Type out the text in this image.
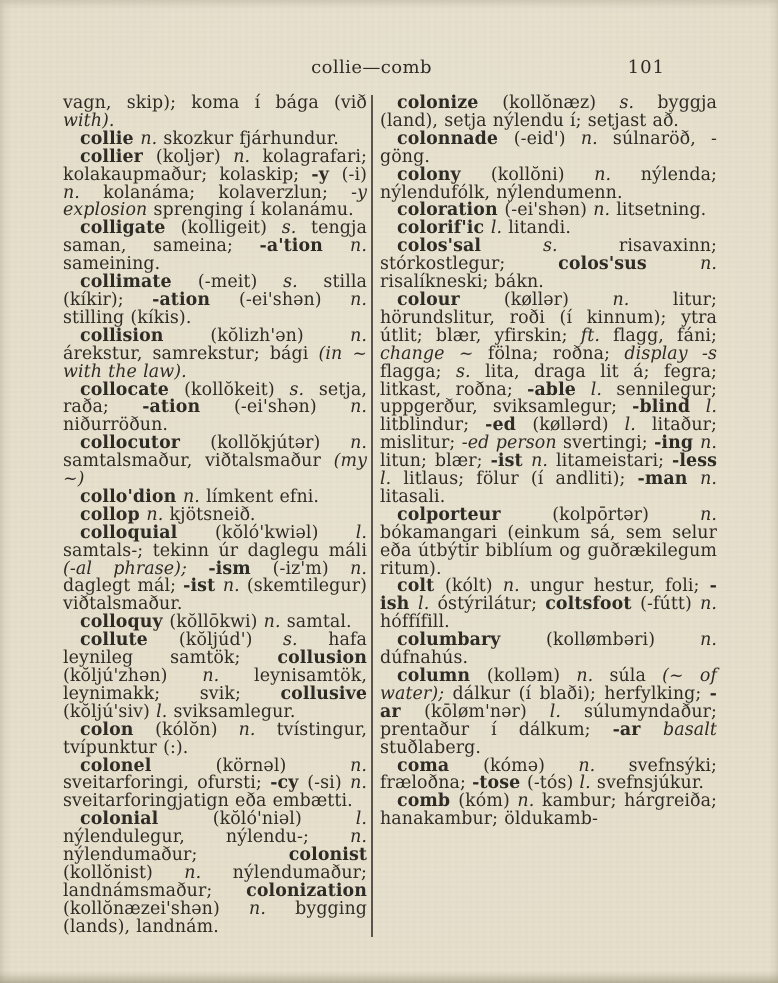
collie—comb	101

vagn, skip); koma í bága (við with).

collie n. skozkur fjárhundur.

collier (koljər) n. kolagrafari; kolakaupmaður; kolaskip; -y (-i) n. kolanáma; kolaverzlun; -y explosion sprenging í kolanámu.

colligate (kolligeit) s. tengja saman, sameina; -a'tion n. sameining.

collimate (-meit) s. stilla (kíkir); -ation (-ei'shən) n. stilling (kíkis).

collision (kŏlizh'ən) n. árekstur, samrekstur; bági (in ~ with the law).

collocate (kollŏkeit) s. setja, raða; -ation (-ei'shən) n. niðurröðun.

collocutor (kollŏkjútər) n. samtalsmaður, viðtalsmaður (my ~)

collo'dion n. límkent efni.

collop n. kjötsneið.

colloquial (kŏló'kwiəl) l. samtals-; tekinn úr daglegu máli (-al phrase); -ism (-iz'm) n. daglegt mál; -ist n. (skemtilegur) viðtalsmaður.

colloquy (kŏllōkwi) n. samtal.

collute (kŏljúd') s. hafa leynileg samtök; collusion (kŏljú'zhən) n. leynisamtök, leynimakk; svik; collusive (kŏljú'siv) l. sviksamlegur.

colon (kólŏn) n. tvístingur, tvípunktur (:).

colonel (körnəl) n. sveitarforingi, ofursti; -cy (-si) n. sveitarforingjatign eða embætti.

colonial (kŏló'niəl) l. nýlendulegur, nýlendu-; n. nýlendumaður; colonist (kollŏnist) n. nýlendumaður; landnámsmaður; colonization (kollŏnæzei'shən) n. bygging (lands), landnám.

colonize (kollŏnæz) s. byggja (land), setja nýlendu í; setjast að.

colonnade (-eid') n. súlnaröð, -göng.

colony (kollŏni) n. nýlenda; nýlendufólk, nýlendumenn.

coloration (-ei'shən) n. litsetning.

colorif'ic l. litandi.

colos'sal s. risavaxinn; stórkostlegur; colos'sus n. risalíkneski; bákn.

colour (køllər) n. litur; hörundslitur, roði (í kinnum); ytra útlit; blær, yfirskin; ft. flagg, fáni; change ~ fölna; roðna; display -s flagga; s. lita, draga lit á; fegra; litkast, roðna; -able l. sennilegur; uppgerður, sviksamlegur; -blind l. litblindur; -ed (køllərd) l. litaður; mislitur; -ed person svertingi; -ing n. litun; blær; -ist n. litameistari; -less l. litlaus; fölur (í andliti); -man n. litasali.

colporteur (kolpōrtər) n. bókamangari (einkum sá, sem selur eða útbýtir biblíum og guðrækilegum ritum).

colt (kólt) n. ungur hestur, foli; -ish l. óstýrilátur; coltsfoot (-fútt) n. hóffífill.

columbary (kollømbəri) n. dúfnahús.

column (kolləm) n. súla (~ of water); dálkur (í blaði); herfylking; -ar (kōløm'nər) l. súlumyndaður; prentaður í dálkum; -ar basalt stuðlaberg.

coma (kómə) n. svefnsýki; fræloðna; -tose (-tós) l. svefnsjúkur.

comb (kóm) n. kambur; hárgreiða; hanakambur; öldukamb-
